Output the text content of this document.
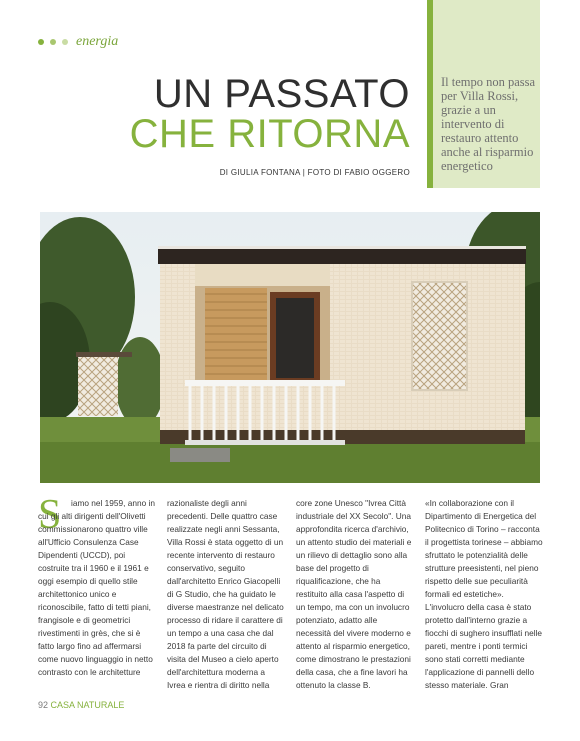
energia
UN PASSATO
CHE RITORNA
DI GIULIA FONTANA | FOTO DI FABIO OGGERO
Il tempo non passa per Villa Rossi, grazie a un intervento di restauro attento anche al risparmio energetico
S	iamo nel 1959, anno in cui gli alti dirigenti dell'Olivetti commissionarono quattro ville all'Ufficio Consulenza Case Dipendenti (UCCD), poi costruite tra il 1960 e il 1961 e oggi esempio di quello stile architettonico unico e riconoscibile, fatto di tetti piani, frangisole e di geometrici rivestimenti in grès, che si è fatto largo fino ad affermarsi come nuovo linguaggio in netto contrasto con le architetture

razionaliste degli anni precedenti. Delle quattro case realizzate negli anni Sessanta, Villa Rossi è stata oggetto di un recente intervento di restauro conservativo, seguito dall'architetto Enrico Giacopelli di G Studio, che ha guidato le diverse maestranze nel delicato processo di ridare il carattere di un tempo a una casa che dal 2018 fa parte del circuito di visita del Museo a cielo aperto dell'architettura moderna a Ivrea e rientra di diritto nella

core zone Unesco "Ivrea Città industriale del XX Secolo". Una approfondita ricerca d'archivio, un attento studio dei materiali e un rilievo di dettaglio sono alla base del progetto di riqualificazione, che ha restituito alla casa l'aspetto di un tempo, ma con un involucro potenziato, adatto alle necessità del vivere moderno e attento al risparmio energetico, come dimostrano le prestazioni della casa, che a fine lavori ha ottenuto la classe B.

«In collaborazione con il Dipartimento di Energetica del Politecnico di Torino – racconta il progettista torinese – abbiamo sfruttato le potenzialità delle strutture preesistenti, nel pieno rispetto delle sue peculiarità formali ed estetiche». L'involucro della casa è stato protetto dall'interno grazie a fiocchi di sughero insufflati nelle pareti, mentre i ponti termici sono stati corretti mediante l'applicazione di pannelli dello stesso materiale. Gran

92 CASA NATURALE
